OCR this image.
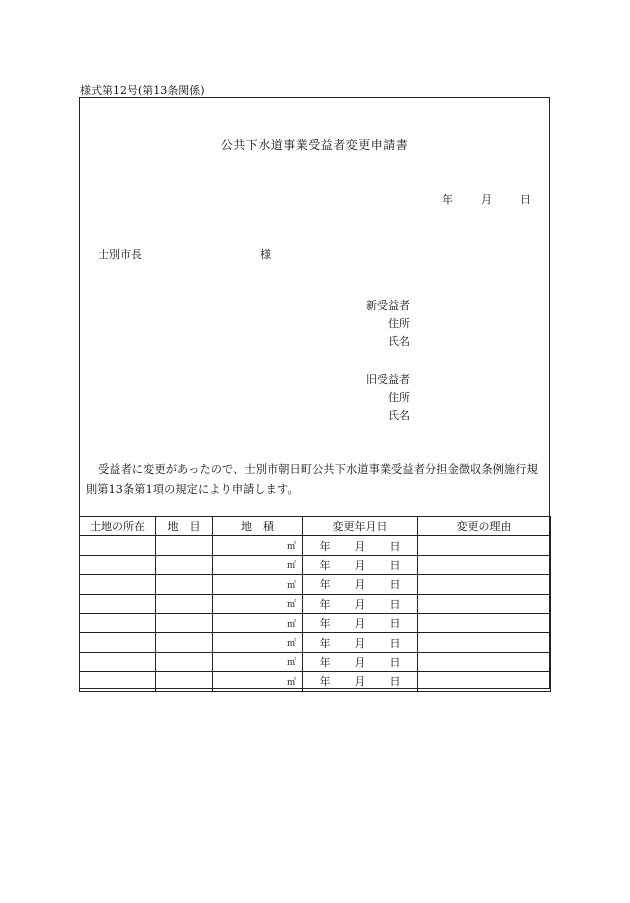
様式第12号(第13条関係)
公共下水道事業受益者変更申請書
年	月	日
士別市長	様
新受益者
住所
氏名
旧受益者
住所
氏名
受益者に変更があったので、士別市朝日町公共下水道事業受益者分担金徴収条例施行規則第13条第1項の規定により申請します。
土地の所在	地　目	地　積	変更年月日	変更の理由
		㎡	年 月 日	
		㎡	年 月 日	
		㎡	年 月 日	
		㎡	年 月 日	
		㎡	年 月 日	
		㎡	年 月 日	
		㎡	年 月 日	
		㎡	年 月 日	
